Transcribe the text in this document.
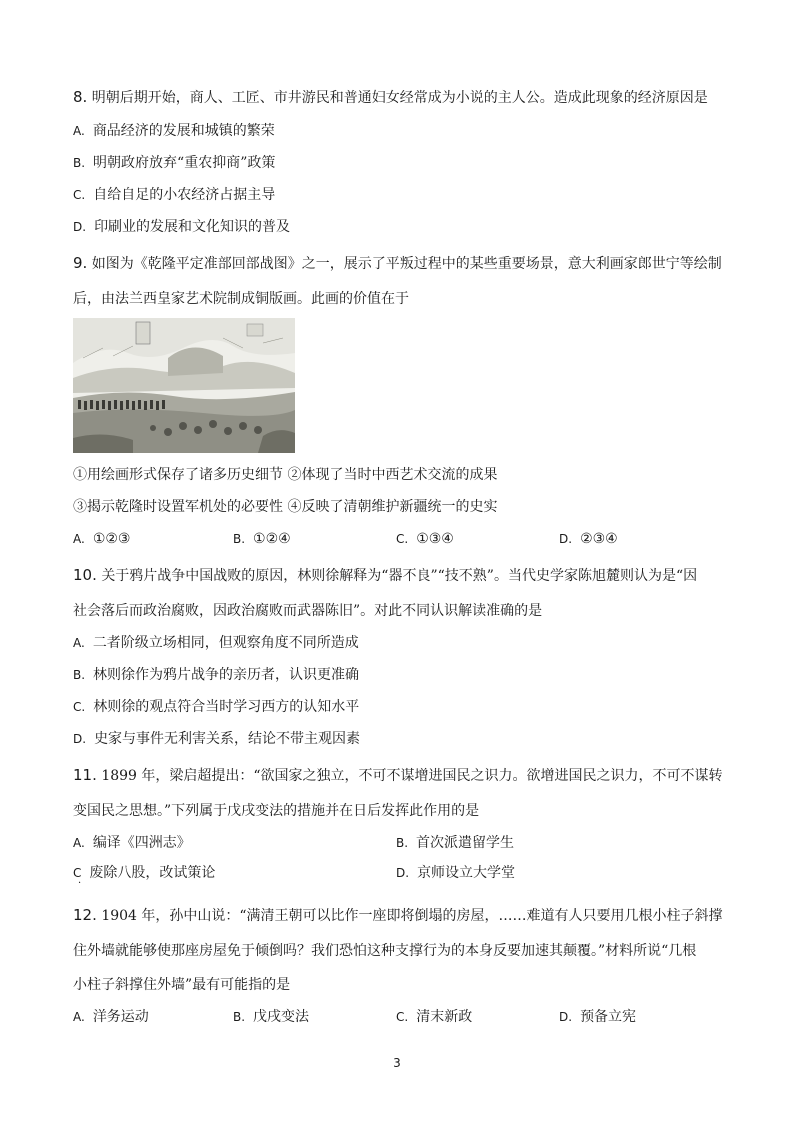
8. 明朝后期开始，商人、工匠、市井游民和普通妇女经常成为小说的主人公。造成此现象的经济原因是
A. 商品经济的发展和城镇的繁荣
B. 明朝政府放弃“重农抑商”政策
C. 自给自足的小农经济占据主导
D. 印刷业的发展和文化知识的普及
9. 如图为《乾隆平定准部回部战图》之一，展示了平叛过程中的某些重要场景，意大利画家郎世宁等绘制
后，由法兰西皇家艺术院制成铜版画。此画的价值在于
①用绘画形式保存了诸多历史细节 ②体现了当时中西艺术交流的成果
③揭示乾隆时设置军机处的必要性 ④反映了清朝维护新疆统一的史实
A. ①②③	B. ①②④	C. ①③④	D. ②③④
10. 关于鸦片战争中国战败的原因，林则徐解释为“器不良”“技不熟”。当代史学家陈旭麓则认为是“因
社会落后而政治腐败，因政治腐败而武器陈旧”。对此不同认识解读准确的是
A. 二者阶级立场相同，但观察角度不同所造成
B. 林则徐作为鸦片战争的亲历者，认识更准确
C. 林则徐的观点符合当时学习西方的认知水平
D. 史家与事件无利害关系，结论不带主观因素
11. 1899 年，梁启超提出：“欲国家之独立，不可不谋增进国民之识力。欲增进国民之识力，不可不谋转
变国民之思想。”下列属于戊戌变法的措施并在日后发挥此作用的是
A. 编译《四洲志》	B. 首次派遣留学生
C 废除八股，改试策论	D. 京师设立大学堂
·
12. 1904 年，孙中山说：“满清王朝可以比作一座即将倒塌的房屋，……难道有人只要用几根小柱子斜撑
住外墙就能够使那座房屋免于倾倒吗？我们恐怕这种支撑行为的本身反要加速其颠覆。”材料所说“几根
小柱子斜撑住外墙”最有可能指的是
A. 洋务运动	B. 戊戌变法	C. 清末新政	D. 预备立宪
3
